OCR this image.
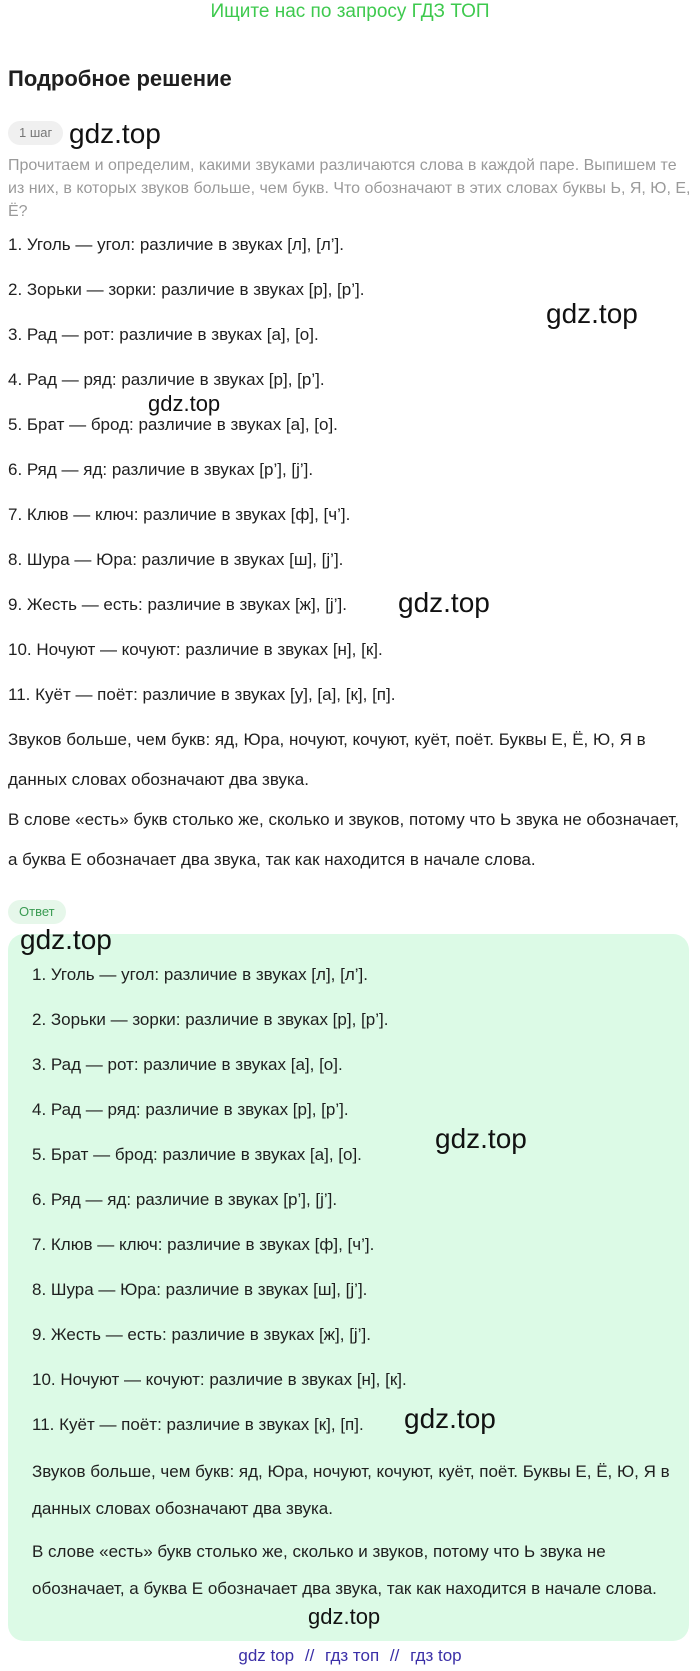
Ищите нас по запросу ГДЗ ТОП
Подробное решение
1 шаг
Прочитаем и определим, какими звуками различаются слова в каждой паре. Выпишем те из них, в которых звуков больше, чем букв. Что обозначают в этих словах буквы Ь, Я, Ю, Е, Ё?
1. Уголь — угол: различие в звуках [л], [л’].
2. Зорьки — зорки: различие в звуках [р], [р’].
3. Рад — рот: различие в звуках [а], [о].
4. Рад — ряд: различие в звуках [р], [р’].
5. Брат — брод: различие в звуках [а], [о].
6. Ряд — яд: различие в звуках [р’], [j’].
7. Клюв — ключ: различие в звуках [ф], [ч’].
8. Шура — Юра: различие в звуках [ш], [j’].
9. Жесть — есть: различие в звуках [ж], [j’].
10. Ночуют — кочуют: различие в звуках [н], [к].
11. Куёт — поёт: различие в звуках [у], [а], [к], [п].
Звуков больше, чем букв: яд, Юра, ночуют, кочуют, куёт, поёт. Буквы Е, Ё, Ю, Я в данных словах обозначают два звука.
В слове «есть» букв столько же, сколько и звуков, потому что Ь звука не обозначает, а буква Е обозначает два звука, так как находится в начале слова.
Ответ
1. Уголь — угол: различие в звуках [л], [л’].
2. Зорьки — зорки: различие в звуках [р], [р’].
3. Рад — рот: различие в звуках [а], [о].
4. Рад — ряд: различие в звуках [р], [р’].
5. Брат — брод: различие в звуках [а], [о].
6. Ряд — яд: различие в звуках [р’], [j’].
7. Клюв — ключ: различие в звуках [ф], [ч’].
8. Шура — Юра: различие в звуках [ш], [j’].
9. Жесть — есть: различие в звуках [ж], [j’].
10. Ночуют — кочуют: различие в звуках [н], [к].
11. Куёт — поёт: различие в звуках [к], [п].
Звуков больше, чем букв: яд, Юра, ночуют, кочуют, куёт, поёт. Буквы Е, Ё, Ю, Я в данных словах обозначают два звука.
В слове «есть» букв столько же, сколько и звуков, потому что Ь звука не обозначает, а буква Е обозначает два звука, так как находится в начале слова.
gdz.top
gdz.top
gdz.top
gdz.top
gdz.top
gdz.top
gdz.top
gdz.top
gdz top // гдз топ // гдз top
